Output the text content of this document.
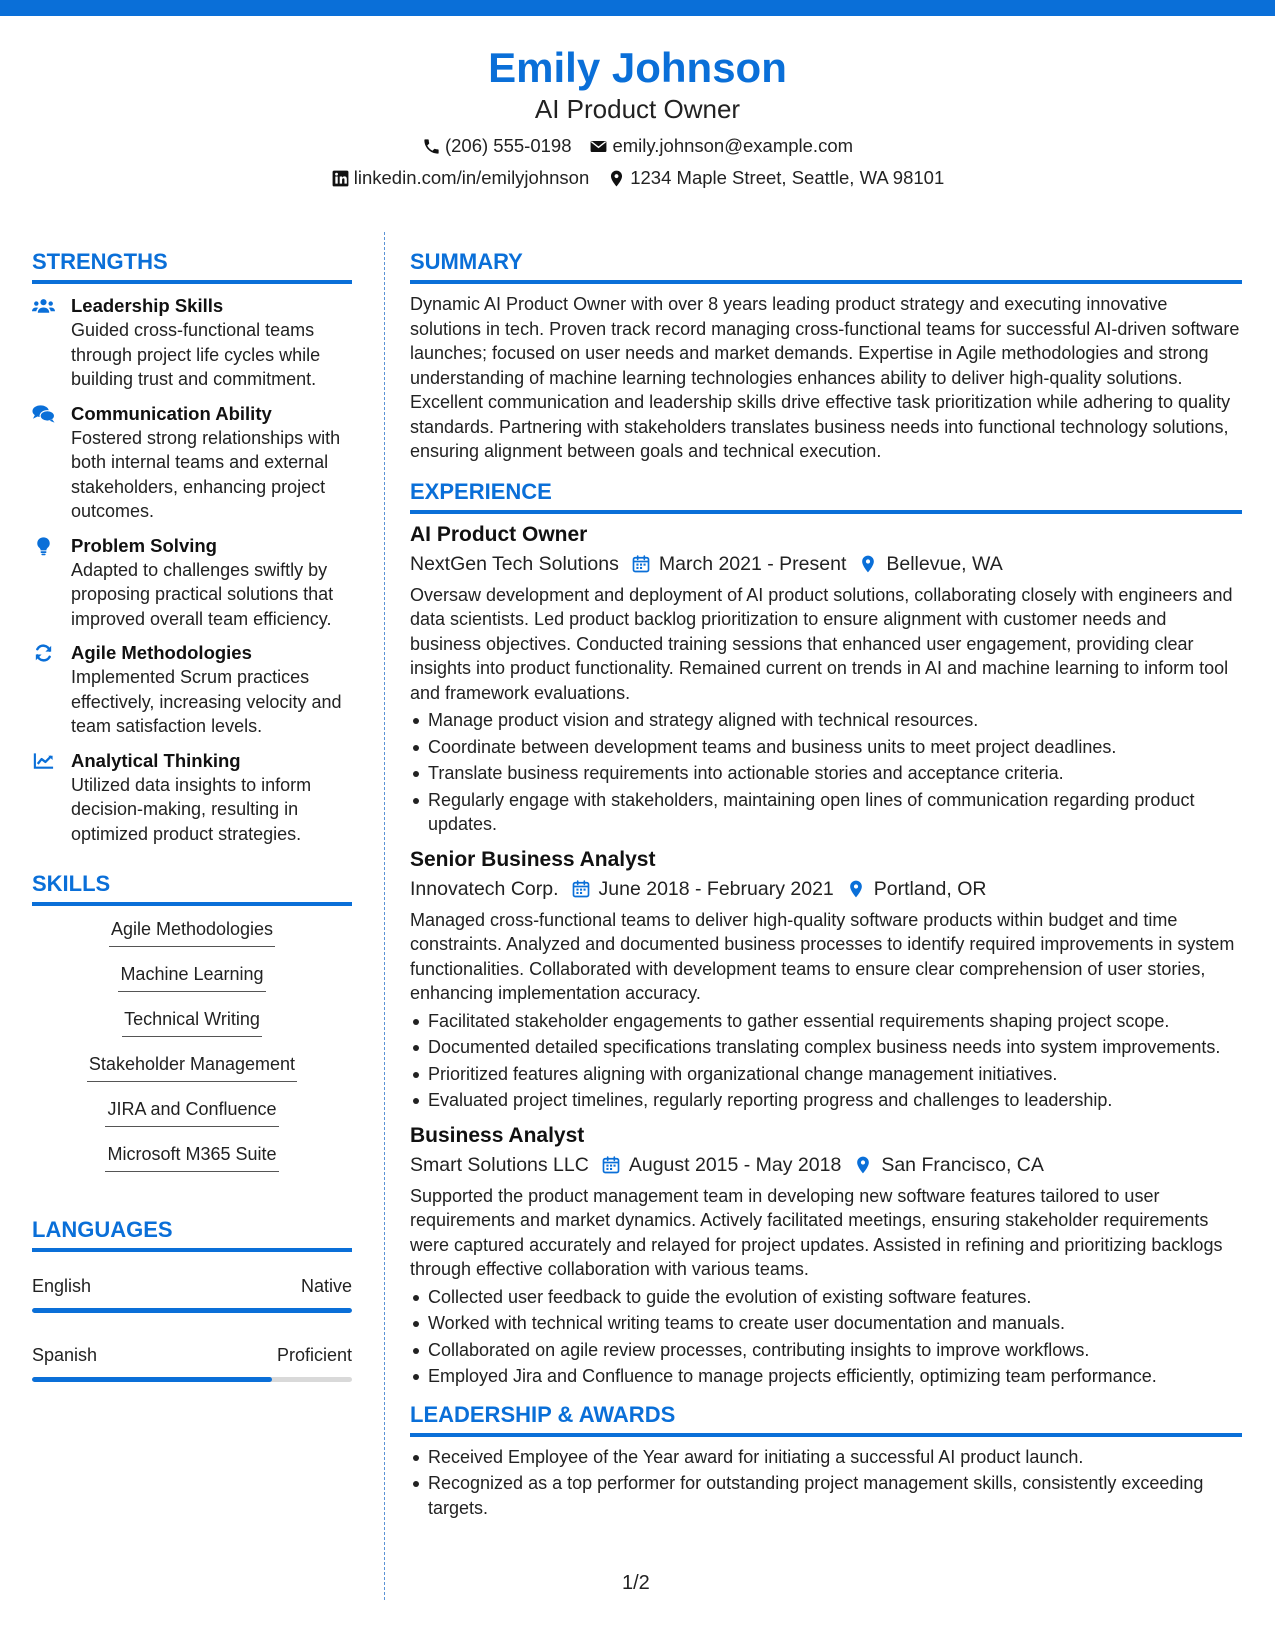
Emily Johnson
AI Product Owner
(206) 555-0198 emily.johnson@example.com
linkedin.com/in/emilyjohnson 1234 Maple Street, Seattle, WA 98101
STRENGTHS
Leadership Skills
Guided cross-functional teams through project life cycles while building trust and commitment.
Communication Ability
Fostered strong relationships with both internal teams and external stakeholders, enhancing project outcomes.
Problem Solving
Adapted to challenges swiftly by proposing practical solutions that improved overall team efficiency.
Agile Methodologies
Implemented Scrum practices effectively, increasing velocity and team satisfaction levels.
Analytical Thinking
Utilized data insights to inform decision-making, resulting in optimized product strategies.
SKILLS
Agile Methodologies
Machine Learning
Technical Writing
Stakeholder Management
JIRA and Confluence
Microsoft M365 Suite
LANGUAGES
English	Native
Spanish	Proficient
SUMMARY
Dynamic AI Product Owner with over 8 years leading product strategy and executing innovative solutions in tech. Proven track record managing cross-functional teams for successful AI-driven software launches; focused on user needs and market demands. Expertise in Agile methodologies and strong understanding of machine learning technologies enhances ability to deliver high-quality solutions. Excellent communication and leadership skills drive effective task prioritization while adhering to quality standards. Partnering with stakeholders translates business needs into functional technology solutions, ensuring alignment between goals and technical execution.
EXPERIENCE
AI Product Owner
NextGen Tech Solutions March 2021 - Present Bellevue, WA
Oversaw development and deployment of AI product solutions, collaborating closely with engineers and data scientists. Led product backlog prioritization to ensure alignment with customer needs and business objectives. Conducted training sessions that enhanced user engagement, providing clear insights into product functionality. Remained current on trends in AI and machine learning to inform tool and framework evaluations.
Manage product vision and strategy aligned with technical resources.
Coordinate between development teams and business units to meet project deadlines.
Translate business requirements into actionable stories and acceptance criteria.
Regularly engage with stakeholders, maintaining open lines of communication regarding product updates.
Senior Business Analyst
Innovatech Corp. June 2018 - February 2021 Portland, OR
Managed cross-functional teams to deliver high-quality software products within budget and time constraints. Analyzed and documented business processes to identify required improvements in system functionalities. Collaborated with development teams to ensure clear comprehension of user stories, enhancing implementation accuracy.
Facilitated stakeholder engagements to gather essential requirements shaping project scope.
Documented detailed specifications translating complex business needs into system improvements.
Prioritized features aligning with organizational change management initiatives.
Evaluated project timelines, regularly reporting progress and challenges to leadership.
Business Analyst
Smart Solutions LLC August 2015 - May 2018 San Francisco, CA
Supported the product management team in developing new software features tailored to user requirements and market dynamics. Actively facilitated meetings, ensuring stakeholder requirements were captured accurately and relayed for project updates. Assisted in refining and prioritizing backlogs through effective collaboration with various teams.
Collected user feedback to guide the evolution of existing software features.
Worked with technical writing teams to create user documentation and manuals.
Collaborated on agile review processes, contributing insights to improve workflows.
Employed Jira and Confluence to manage projects efficiently, optimizing team performance.
LEADERSHIP & AWARDS
Received Employee of the Year award for initiating a successful AI product launch.
Recognized as a top performer for outstanding project management skills, consistently exceeding targets.
1/2
